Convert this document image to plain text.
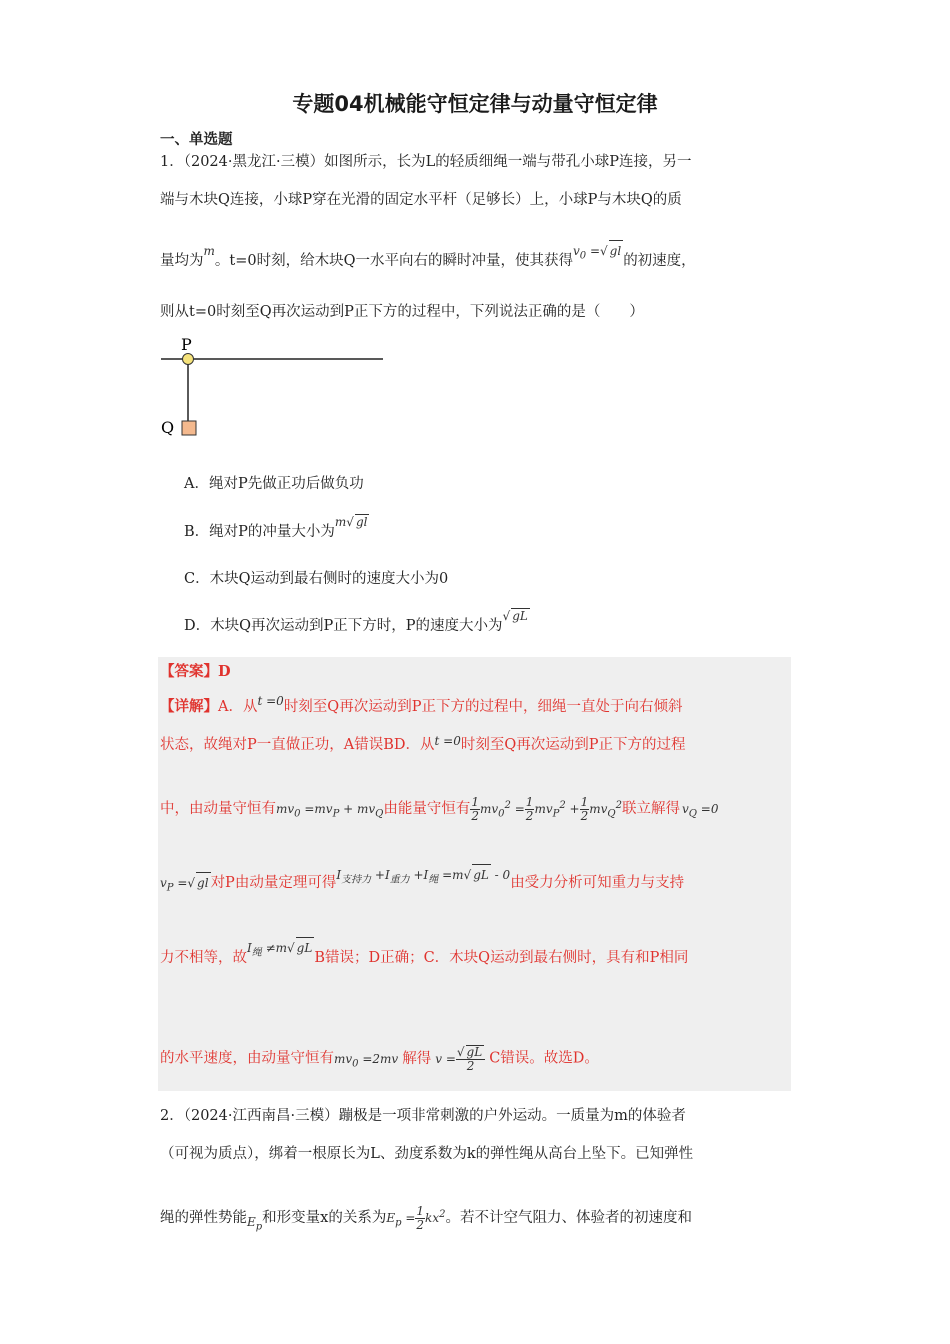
专题04机械能守恒定律与动量守恒定律
一、单选题
1．（2024·黑龙江·三模）如图所示，长为L的轻质细绳一端与带孔小球P连接，另一
端与木块Q连接，小球P穿在光滑的固定水平杆（足够长）上，小球P与木块Q的质
量均为$^m$。t=0时刻，给木块Q一水平向右的瞬时冲量，使其获得$^{v_0 =√ gl}$的初速度，
则从t=0时刻至Q再次运动到P正下方的过程中，下列说法正确的是（　　）
P
Q
A．绳对P先做正功后做负功
B．绳对P的冲量大小为$^{m√ gl}$
C．木块Q运动到最右侧时的速度大小为0
D．木块Q再次运动到P正下方时，P的速度大小为$^{√ gL}$
【答案】D
【详解】A．从$^{t =0}$时刻至Q再次运动到P正下方的过程中，细绳一直处于向右倾斜
状态，故绳对P一直做正功，A错误BD．从$^{t =0}$时刻至Q再次运动到P正下方的过程
中，由动量守恒有$mv_0 =mv_P + mv_Q$由能量守恒有 $\frac{1}{2} mv_0^2 = \frac{1}{2} mv_P^2 + \frac{1}{2} mv_Q^2$联立解得 $v_Q =0$
$v_P$ =√ gl 对P由动量定理可得$^{I_{支持力} +I_{重力} +I_绳 =m√ gL - 0}$由受力分析可知重力与支持
力不相等，故$^{I_绳 \ne m√ gL}$B错误；D正确；C．木块Q运动到最右侧时，具有和P相同
的水平速度，由动量守恒有$mv_0 =2mv$ 解得 $v = \frac{√ gL}{2}$ C错误。故选D。
2．（2024·江西南昌·三模）蹦极是一项非常刺激的户外运动。一质量为m的体验者
（可视为质点），绑着一根原长为L、劲度系数为k的弹性绳从高台上坠下。已知弹性
绳的弹性势能$_{E_p}$和形变量x的关系为$E_p = \frac{1}{2} kx^2$。若不计空气阻力、体验者的初速度和
